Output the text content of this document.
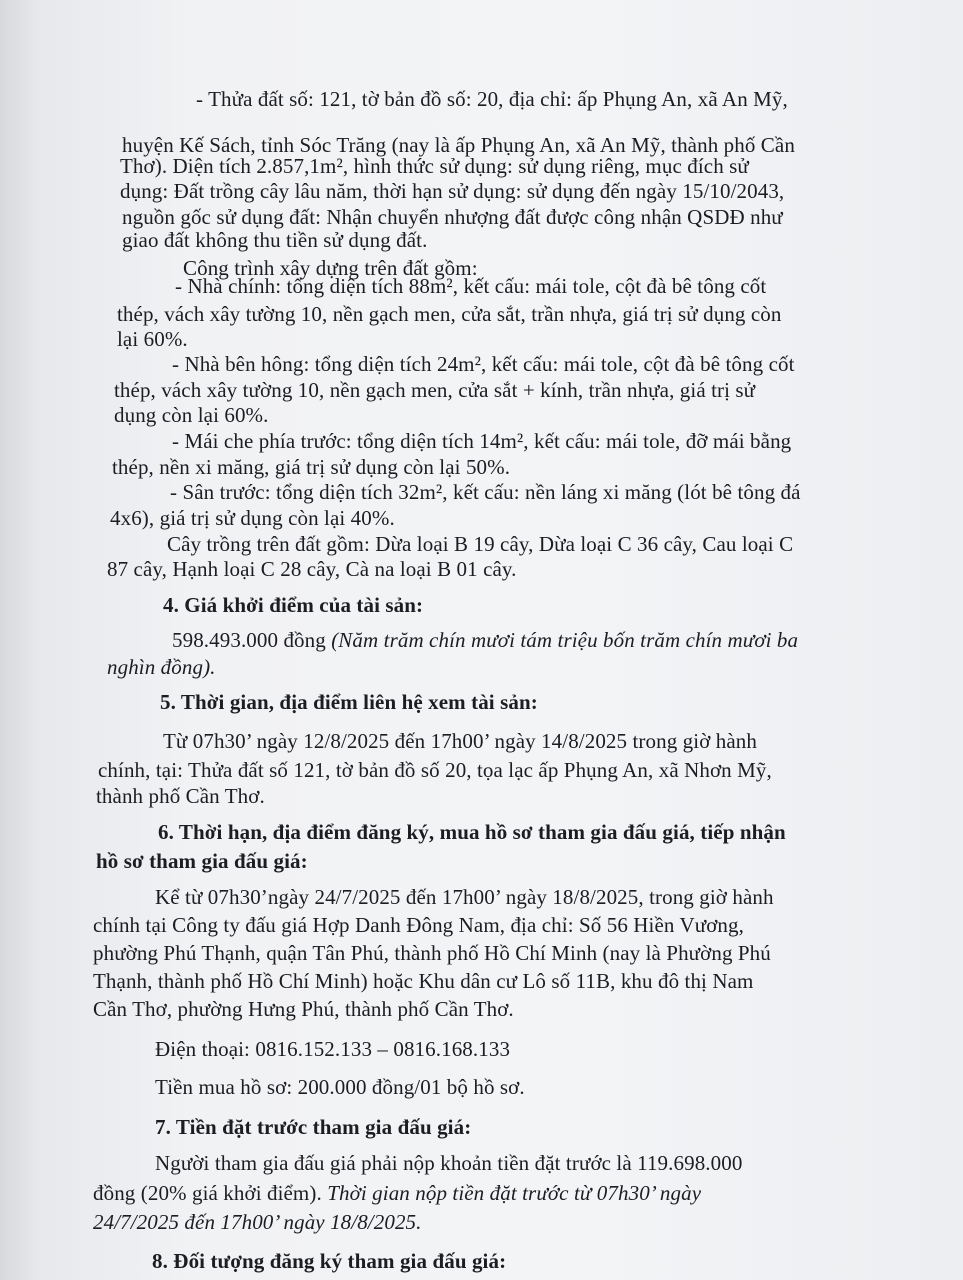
- Thửa đất số: 121, tờ bản đồ số: 20, địa chỉ: ấp Phụng An, xã An Mỹ,
huyện Kế Sách, tỉnh Sóc Trăng (nay là ấp Phụng An, xã An Mỹ, thành phố Cần
Thơ). Diện tích 2.857,1m², hình thức sử dụng: sử dụng riêng, mục đích sử
dụng: Đất trồng cây lâu năm, thời hạn sử dụng: sử dụng đến ngày 15/10/2043,
nguồn gốc sử dụng đất: Nhận chuyển nhượng đất được công nhận QSDĐ như
giao đất không thu tiền sử dụng đất.
Công trình xây dựng trên đất gồm:
- Nhà chính: tổng diện tích 88m², kết cấu: mái tole, cột đà bê tông cốt
thép, vách xây tường 10, nền gạch men, cửa sắt, trần nhựa, giá trị sử dụng còn
lại 60%.
- Nhà bên hông: tổng diện tích 24m², kết cấu: mái tole, cột đà bê tông cốt
thép, vách xây tường 10, nền gạch men, cửa sắt + kính, trần nhựa, giá trị sử
dụng còn lại 60%.
- Mái che phía trước: tổng diện tích 14m², kết cấu: mái tole, đỡ mái bằng
thép, nền xi măng, giá trị sử dụng còn lại 50%.
- Sân trước: tổng diện tích 32m², kết cấu: nền láng xi măng (lót bê tông đá
4x6), giá trị sử dụng còn lại 40%.
Cây trồng trên đất gồm: Dừa loại B 19 cây, Dừa loại C 36 cây, Cau loại C
87 cây, Hạnh loại C 28 cây, Cà na loại B 01 cây.
4. Giá khởi điểm của tài sản:
598.493.000 đồng (Năm trăm chín mươi tám triệu bốn trăm chín mươi ba
nghìn đồng).
5. Thời gian, địa điểm liên hệ xem tài sản:
Từ 07h30’ ngày 12/8/2025 đến 17h00’ ngày 14/8/2025 trong giờ hành
chính, tại: Thửa đất số 121, tờ bản đồ số 20, tọa lạc ấp Phụng An, xã Nhơn Mỹ,
thành phố Cần Thơ.
6. Thời hạn, địa điểm đăng ký, mua hồ sơ tham gia đấu giá, tiếp nhận
hồ sơ tham gia đấu giá:
Kể từ 07h30’ngày 24/7/2025 đến 17h00’ ngày 18/8/2025, trong giờ hành
chính tại Công ty đấu giá Hợp Danh Đông Nam, địa chỉ: Số 56 Hiền Vương,
phường Phú Thạnh, quận Tân Phú, thành phố Hồ Chí Minh (nay là Phường Phú
Thạnh, thành phố Hồ Chí Minh) hoặc Khu dân cư Lô số 11B, khu đô thị Nam
Cần Thơ, phường Hưng Phú, thành phố Cần Thơ.
Điện thoại: 0816.152.133 – 0816.168.133
Tiền mua hồ sơ: 200.000 đồng/01 bộ hồ sơ.
7. Tiền đặt trước tham gia đấu giá:
Người tham gia đấu giá phải nộp khoản tiền đặt trước là 119.698.000
đồng (20% giá khởi điểm). Thời gian nộp tiền đặt trước từ 07h30’ ngày
24/7/2025 đến 17h00’ ngày 18/8/2025.
8. Đối tượng đăng ký tham gia đấu giá:
